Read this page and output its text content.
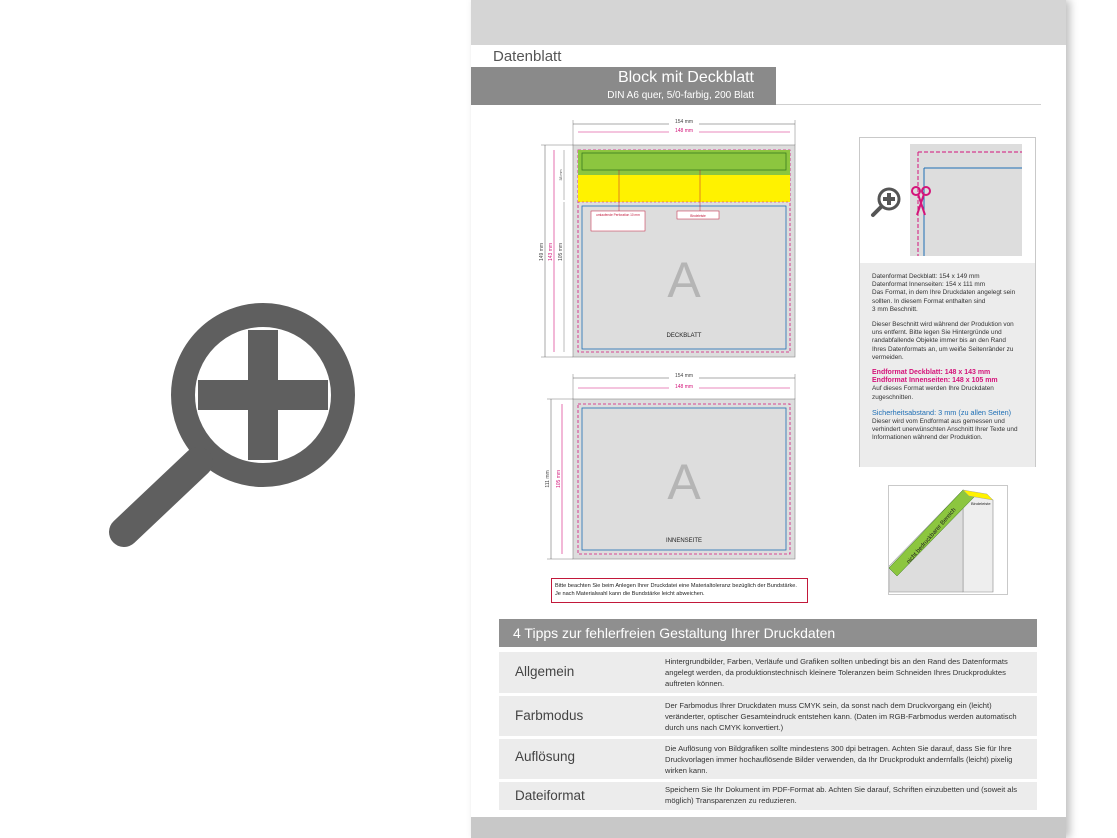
Datenblatt
Block mit Deckblatt
DIN A6 quer, 5/0-farbig, 200 Blatt
154 mm
148 mm
149 mm 143 mm 105 mm
38 mm
umlaufende Perforation 10 mm	Bindeleiste
A
DECKBLATT
154 mm
148 mm
111 mm 105 mm A
INNENSEITE

Datenformat Deckblatt: 154 x 149 mm
Datenformat Innenseiten: 154 x 111 mm
Das Format, in dem Ihre Druckdaten angelegt sein
sollten. In diesem Format enthalten sind
3 mm Beschnitt.

Dieser Beschnitt wird während der Produktion von
uns entfernt. Bitte legen Sie Hintergründe und
randabfallende Objekte immer bis an den Rand
Ihres Datenformats an, um weiße Seitenränder zu
vermeiden.

Endformat Deckblatt: 148 x 143 mm
Endformat Innenseiten: 148 x 105 mm
Auf dieses Format werden Ihre Druckdaten
zugeschnitten.

Sicherheitsabstand: 3 mm (zu allen Seiten)
Dieser wird vom Endformat aus gemessen und
verhindert unerwünschten Anschnitt Ihrer Texte und
Informationen während der Produktion.

nicht bedruckbarer Bereich
Bindeleiste
Bitte beachten Sie beim Anlegen Ihrer Druckdatei eine Materialtoleranz bezüglich der Bundstärke. Je nach Materialwahl kann die Bundstärke leicht abweichen.
4 Tipps zur fehlerfreien Gestaltung Ihrer Druckdaten
Allgemein
Hintergrundbilder, Farben, Verläufe und Grafiken sollten unbedingt bis an den Rand des Datenformats angelegt werden, da produktionstechnisch kleinere Toleranzen beim Schneiden Ihres Druckproduktes auftreten können.
Farbmodus
Der Farbmodus Ihrer Druckdaten muss CMYK sein, da sonst nach dem Druckvorgang ein (leicht) veränderter, optischer Gesamteindruck entstehen kann. (Daten im RGB-Farbmodus werden automatisch durch uns nach CMYK konvertiert.)
Auflösung
Die Auflösung von Bildgrafiken sollte mindestens 300 dpi betragen. Achten Sie darauf, dass Sie für Ihre Druckvorlagen immer hochauflösende Bilder verwenden, da Ihr Druckprodukt andernfalls (leicht) pixelig wirken kann.
Dateiformat	Speichern Sie Ihr Dokument im PDF-Format ab. Achten Sie darauf, Schriften einzubetten und (soweit als möglich) Transparenzen zu reduzieren.
